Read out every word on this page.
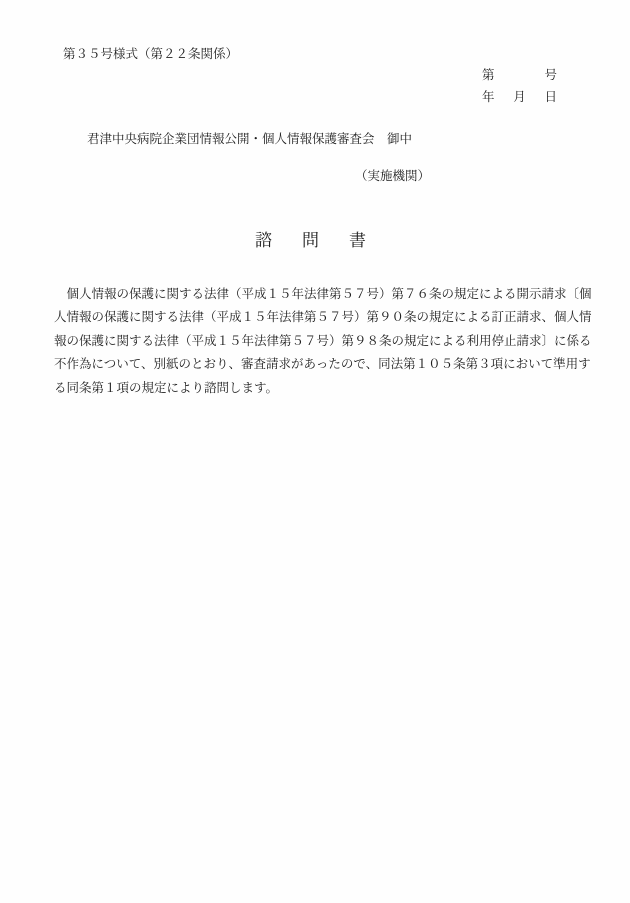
第３５号様式（第２２条関係）
第	号
年 月 日
君津中央病院企業団情報公開・個人情報保護審査会　御中
（実施機関）
諮　問　書
　個人情報の保護に関する法律（平成１５年法律第５７号）第７６条の規定による開示請求〔個
人情報の保護に関する法律（平成１５年法律第５７号）第９０条の規定による訂正請求、個人情
報の保護に関する法律（平成１５年法律第５７号）第９８条の規定による利用停止請求〕に係る
不作為について、別紙のとおり、審査請求があったので、同法第１０５条第３項において準用す
る同条第１項の規定により諮問します。
